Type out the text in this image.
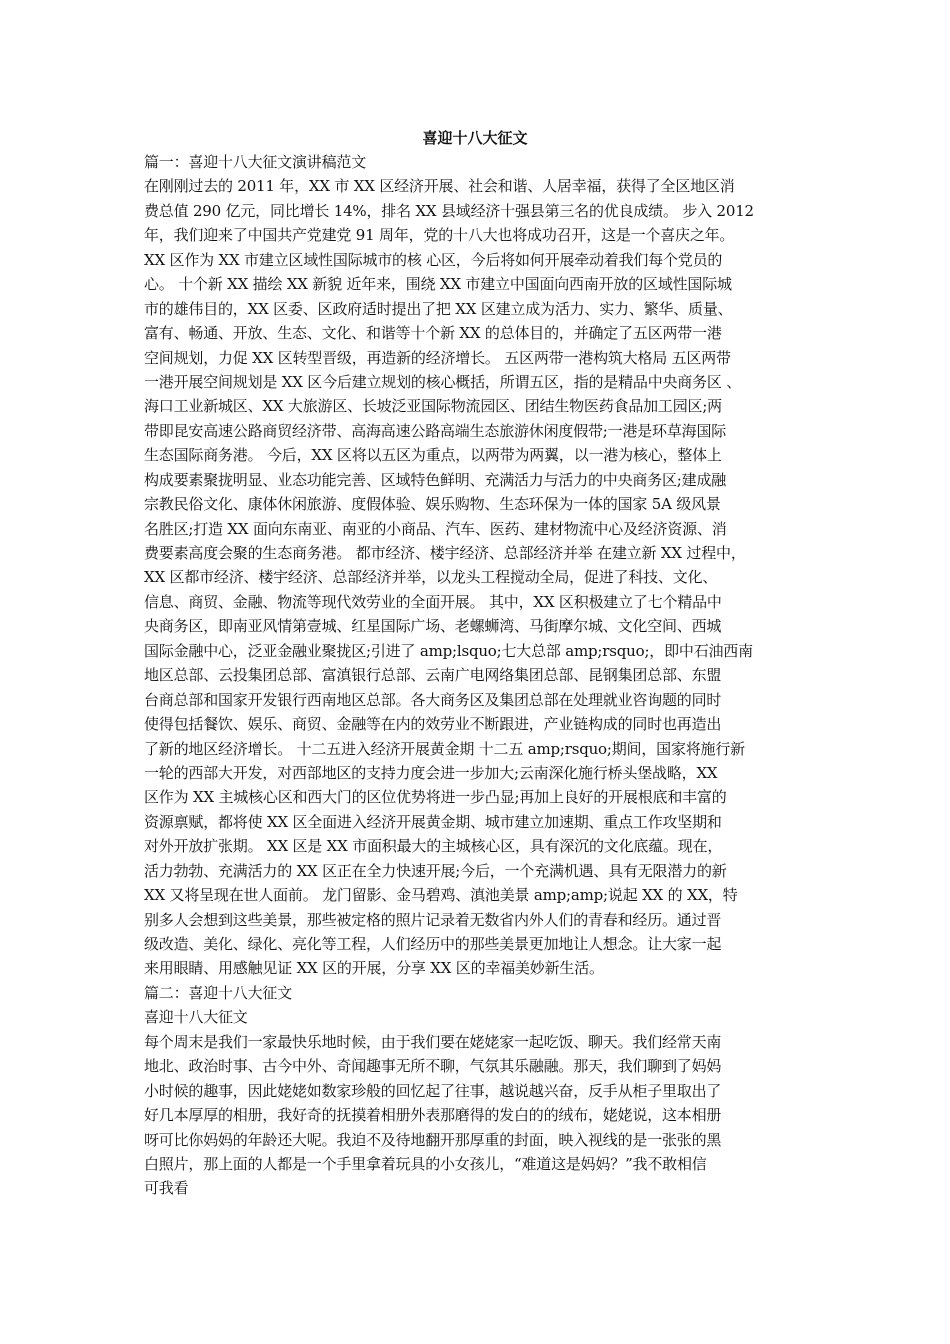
喜迎十八大征文
篇一：喜迎十八大征文演讲稿范文
在刚刚过去的 2011 年，XX 市 XX 区经济开展、社会和谐、人居幸福，获得了全区地区消
费总值 290 亿元，同比增长 14%，排名 XX 县域经济十强县第三名的优良成绩。 步入 2012
年，我们迎来了中国共产党建党 91 周年，党的十八大也将成功召开，这是一个喜庆之年。
XX 区作为 XX 市建立区域性国际城市的核 心区，今后将如何开展牵动着我们每个党员的
心。 十个新 XX 描绘 XX 新貌 近年来，围绕 XX 市建立中国面向西南开放的区域性国际城
市的雄伟目的，XX 区委、区政府适时提出了把 XX 区建立成为活力、实力、繁华、质量、
富有、畅通、开放、生态、文化、和谐等十个新 XX 的总体目的，并确定了五区两带一港
空间规划，力促 XX 区转型晋级，再造新的经济增长。 五区两带一港构筑大格局 五区两带
一港开展空间规划是 XX 区今后建立规划的核心概括，所谓五区，指的是精品中央商务区 、
海口工业新城区、XX 大旅游区、长坡泛亚国际物流园区、团结生物医药食品加工园区;两
带即昆安高速公路商贸经济带、高海高速公路高端生态旅游休闲度假带;一港是环草海国际
生态国际商务港。 今后，XX 区将以五区为重点，以两带为两翼，以一港为核心，整体上
构成要素聚拢明显、业态功能完善、区域特色鲜明、充满活力与活力的中央商务区;建成融
宗教民俗文化、康体休闲旅游、度假体验、娱乐购物、生态环保为一体的国家 5A 级风景
名胜区;打造 XX 面向东南亚、南亚的小商品、汽车、医药、建材物流中心及经济资源、消
费要素高度会聚的生态商务港。 都市经济、楼宇经济、总部经济并举 在建立新 XX 过程中，
XX 区都市经济、楼宇经济、总部经济并举，以龙头工程搅动全局，促进了科技、文化、
信息、商贸、金融、物流等现代效劳业的全面开展。 其中，XX 区积极建立了七个精品中
央商务区，即南亚风情第壹城、红星国际广场、老螺蛳湾、马街摩尔城、文化空间、西城
国际金融中心，泛亚金融业聚拢区;引进了 amp;lsquo;七大总部 amp;rsquo;，即中石油西南
地区总部、云投集团总部、富滇银行总部、云南广电网络集团总部、昆钢集团总部、东盟
台商总部和国家开发银行西南地区总部。各大商务区及集团总部在处理就业咨询题的同时
使得包括餐饮、娱乐、商贸、金融等在内的效劳业不断跟进，产业链构成的同时也再造出
了新的地区经济增长。 十二五进入经济开展黄金期 十二五 amp;rsquo;期间，国家将施行新
一轮的西部大开发，对西部地区的支持力度会进一步加大;云南深化施行桥头堡战略，XX
区作为 XX 主城核心区和西大门的区位优势将进一步凸显;再加上良好的开展根底和丰富的
资源禀赋，都将使 XX 区全面进入经济开展黄金期、城市建立加速期、重点工作攻坚期和
对外开放扩张期。 XX 区是 XX 市面积最大的主城核心区，具有深沉的文化底蕴。现在，
活力勃勃、充满活力的 XX 区正在全力快速开展;今后，一个充满机遇、具有无限潜力的新
XX 又将呈现在世人面前。 龙门留影、金马碧鸡、滇池美景 amp;amp;说起 XX 的 XX，特
别多人会想到这些美景，那些被定格的照片记录着无数省内外人们的青春和经历。通过晋
级改造、美化、绿化、亮化等工程，人们经历中的那些美景更加地让人想念。让大家一起
来用眼睛、用感触见证 XX 区的开展，分享 XX 区的幸福美妙新生活。
篇二：喜迎十八大征文
喜迎十八大征文
每个周末是我们一家最快乐地时候，由于我们要在姥姥家一起吃饭、聊天。我们经常天南
地北、政治时事、古今中外、奇闻趣事无所不聊，气氛其乐融融。那天，我们聊到了妈妈
小时候的趣事，因此姥姥如数家珍般的回忆起了往事，越说越兴奋，反手从柜子里取出了
好几本厚厚的相册，我好奇的抚摸着相册外表那磨得的发白的的绒布，姥姥说，这本相册
呀可比你妈妈的年龄还大呢。我迫不及待地翻开那厚重的封面，映入视线的是一张张的黑
白照片，那上面的人都是一个手里拿着玩具的小女孩儿，“难道这是妈妈？”我不敢相信
可我看
